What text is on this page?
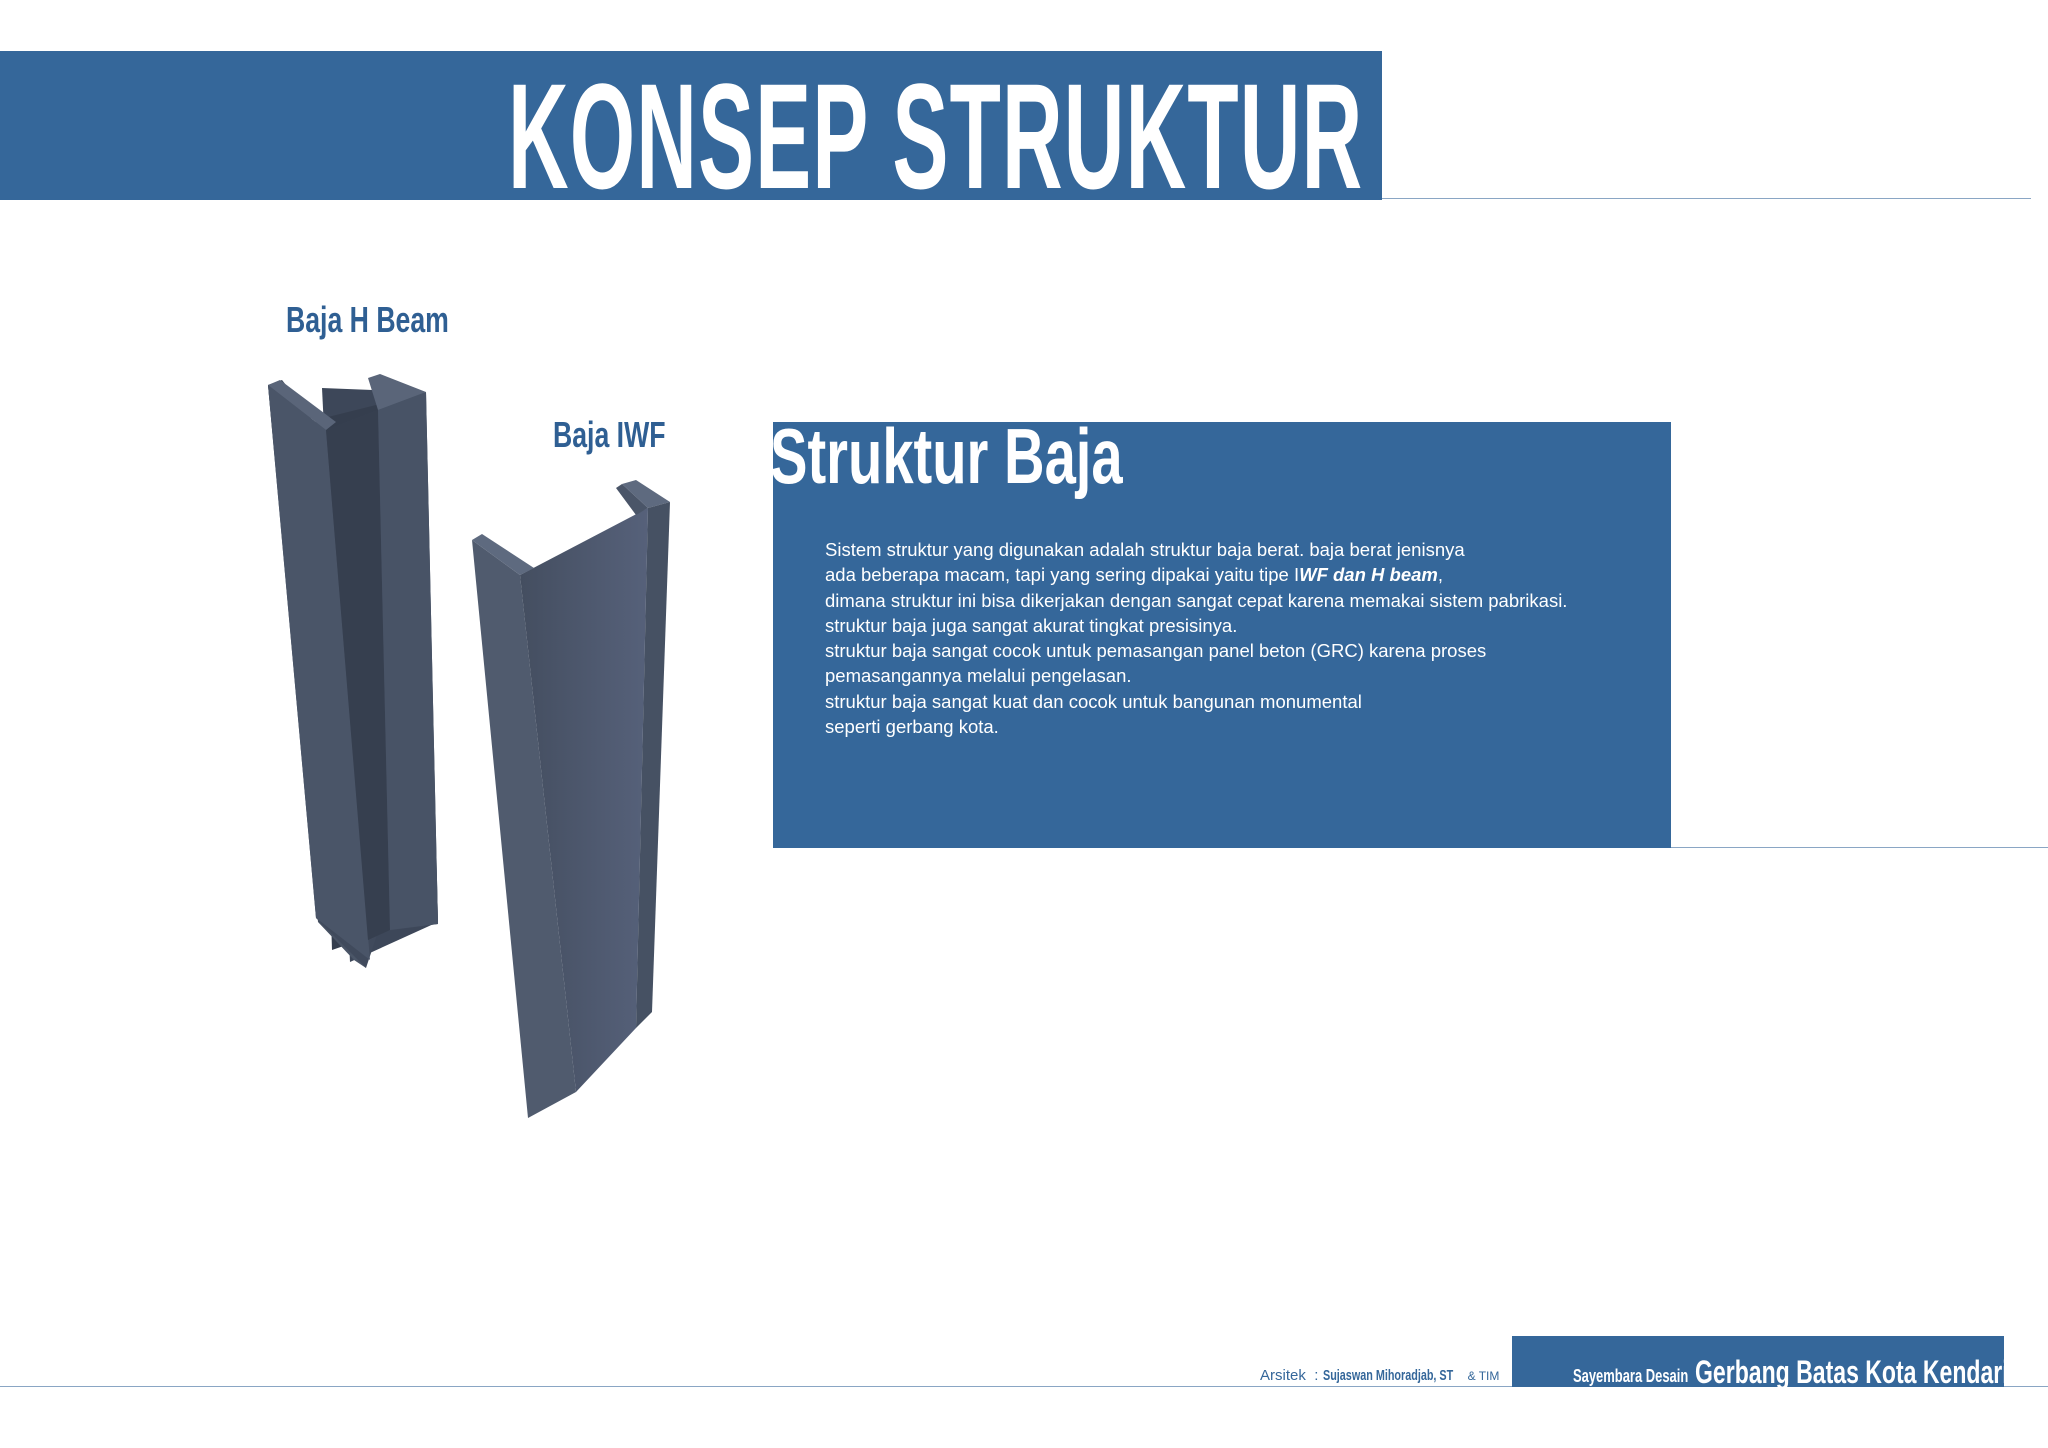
KONSEP STRUKTUR
Baja H Beam
Baja IWF Struktur Baja
Sistem struktur yang digunakan adalah struktur baja berat. baja berat jenisnya
ada beberapa macam, tapi yang sering dipakai yaitu tipe IWF dan H beam,
dimana struktur ini bisa dikerjakan dengan sangat cepat karena memakai sistem pabrikasi.
struktur baja juga sangat akurat tingkat presisinya.
struktur baja sangat cocok untuk pemasangan panel beton (GRC) karena proses
pemasangannya melalui pengelasan.
struktur baja sangat kuat dan cocok untuk bangunan monumental
seperti gerbang kota.
Arsitek : Sujaswan Mihoradjab, ST & TIM	Sayembara Desain Gerbang Batas Kota Kendari
